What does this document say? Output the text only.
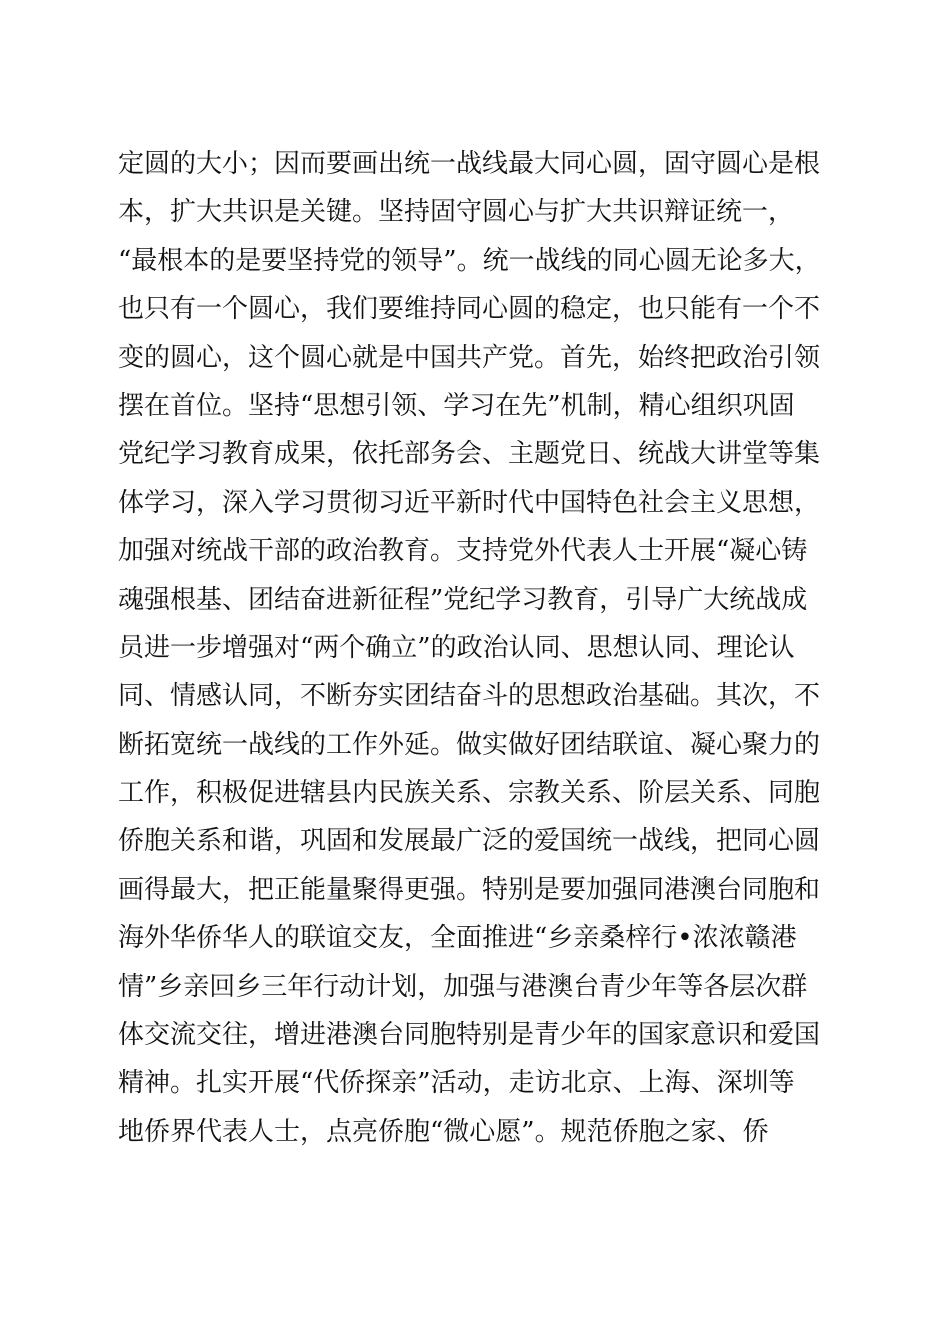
定圆的大小；因而要画出统一战线最大同心圆，固守圆心是根
本，扩大共识是关键。坚持固守圆心与扩大共识辩证统一，
“最根本的是要坚持党的领导”。统一战线的同心圆无论多大，
也只有一个圆心，我们要维持同心圆的稳定，也只能有一个不
变的圆心，这个圆心就是中国共产党。首先，始终把政治引领
摆在首位。坚持“思想引领、学习在先”机制，精心组织巩固
党纪学习教育成果，依托部务会、主题党日、统战大讲堂等集
体学习，深入学习贯彻习近平新时代中国特色社会主义思想，
加强对统战干部的政治教育。支持党外代表人士开展“凝心铸
魂强根基、团结奋进新征程”党纪学习教育，引导广大统战成
员进一步增强对“两个确立”的政治认同、思想认同、理论认
同、情感认同，不断夯实团结奋斗的思想政治基础。其次，不
断拓宽统一战线的工作外延。做实做好团结联谊、凝心聚力的
工作，积极促进辖县内民族关系、宗教关系、阶层关系、同胞
侨胞关系和谐，巩固和发展最广泛的爱国统一战线，把同心圆
画得最大，把正能量聚得更强。特别是要加强同港澳台同胞和
海外华侨华人的联谊交友，全面推进“乡亲桑梓行•浓浓赣港
情”乡亲回乡三年行动计划，加强与港澳台青少年等各层次群
体交流交往，增进港澳台同胞特别是青少年的国家意识和爱国
精神。扎实开展“代侨探亲”活动，走访北京、上海、深圳等
地侨界代表人士，点亮侨胞“微心愿”。规范侨胞之家、侨
